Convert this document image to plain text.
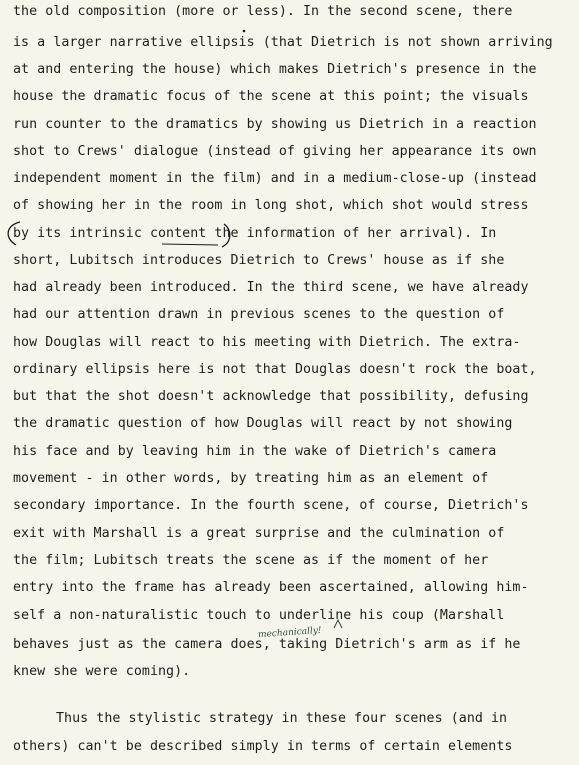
the old composition (more or less). In the second scene, there
is a larger narrative ellipsis (that Dietrich is not shown arriving
at and entering the house) which makes Dietrich's presence in the
house the dramatic focus of the scene at this point; the visuals
run counter to the dramatics by showing us Dietrich in a reaction
shot to Crews' dialogue (instead of giving her appearance its own
independent moment in the film) and in a medium-close-up (instead
of showing her in the room in long shot, which shot would stress
by its intrinsic content the information of her arrival). In
short, Lubitsch introduces Dietrich to Crews' house as if she
had already been introduced. In the third scene, we have already
had our attention drawn in previous scenes to the question of
how Douglas will react to his meeting with Dietrich. The extra-
ordinary ellipsis here is not that Douglas doesn't rock the boat,
but that the shot doesn't acknowledge that possibility, defusing
the dramatic question of how Douglas will react by not showing
his face and by leaving him in the wake of Dietrich's camera
movement - in other words, by treating him as an element of
secondary importance. In the fourth scene, of course, Dietrich's
exit with Marshall is a great surprise and the culmination of
the film; Lubitsch treats the scene as if the moment of her
entry into the frame has already been ascertained, allowing him-
self a non-naturalistic touch to underline his coup (Marshall
behaves just as the camera does, taking Dietrich's arm as if he
knew she were coming).
Thus the stylistic strategy in these four scenes (and in
others) can't be described simply in terms of certain elements
mechanically!
